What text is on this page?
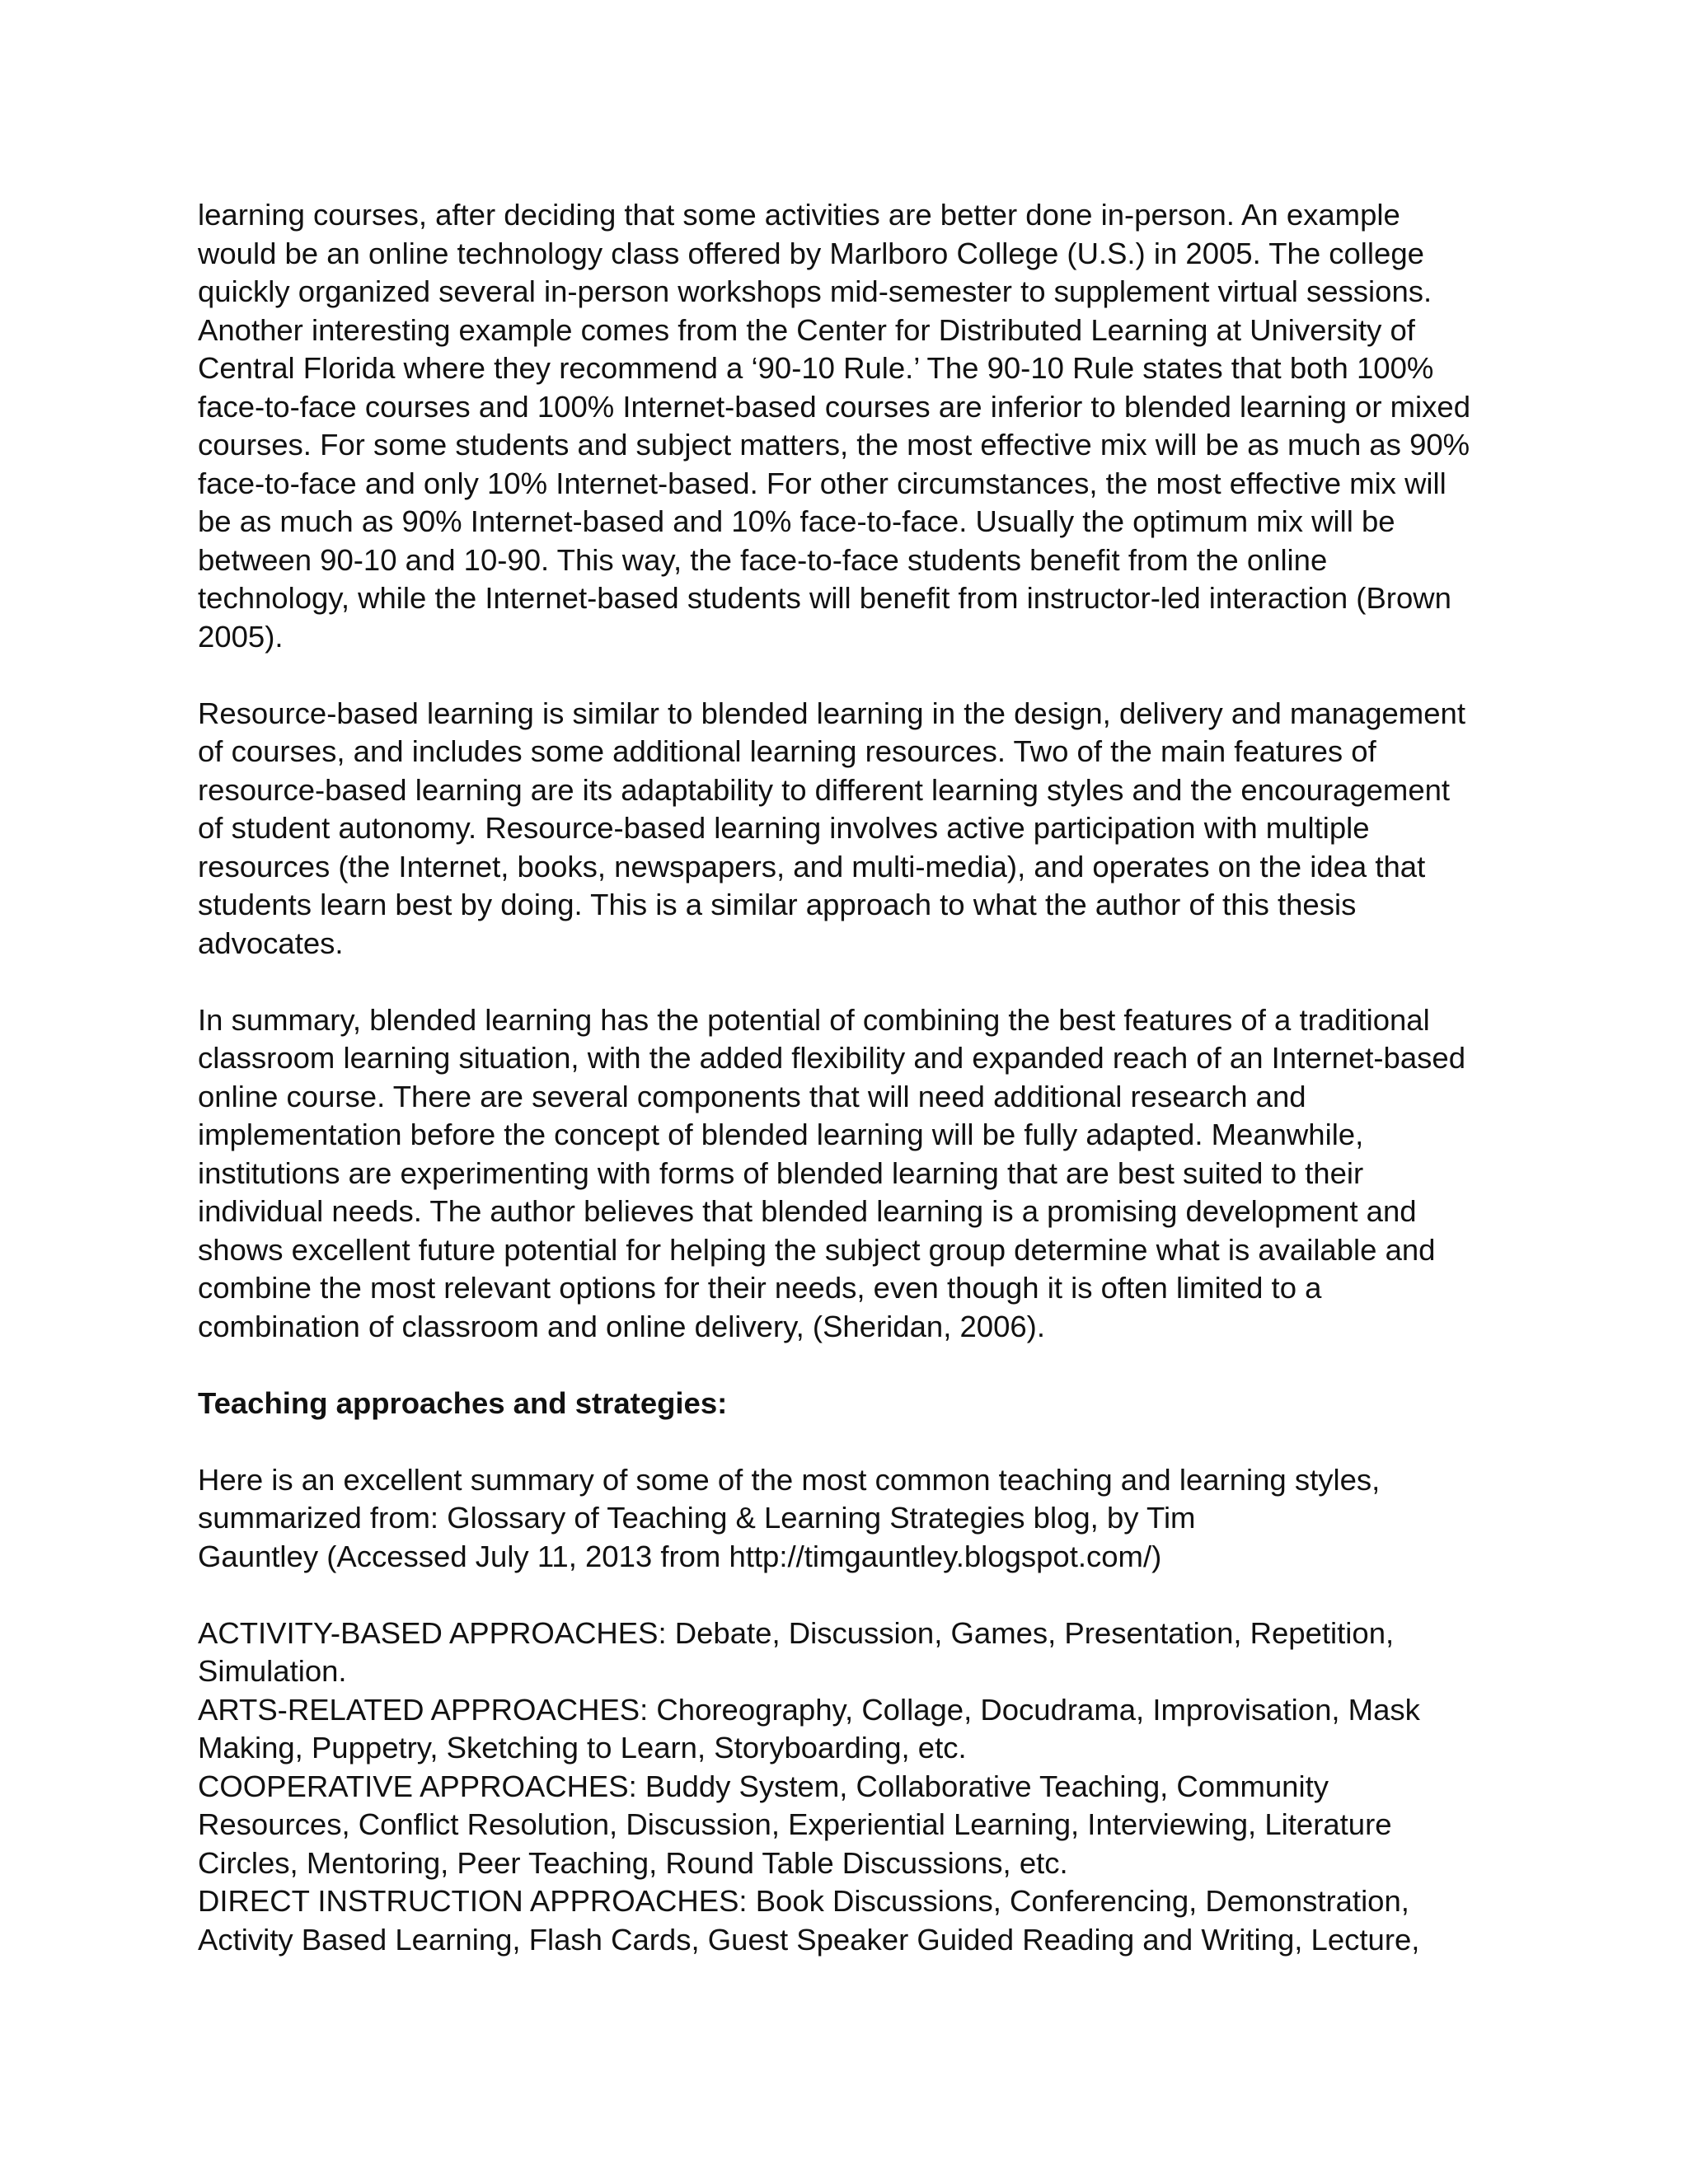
learning courses, after deciding that some activities are better done in-person. An example
would be an online technology class offered by Marlboro College (U.S.) in 2005. The college
quickly organized several in-person workshops mid-semester to supplement virtual sessions.
Another interesting example comes from the Center for Distributed Learning at University of
Central Florida where they recommend a ‘90-10 Rule.’ The 90-10 Rule states that both 100%
face-to-face courses and 100% Internet-based courses are inferior to blended learning or mixed
courses. For some students and subject matters, the most effective mix will be as much as 90%
face-to-face and only 10% Internet-based. For other circumstances, the most effective mix will
be as much as 90% Internet-based and 10% face-to-face. Usually the optimum mix will be
between 90-10 and 10-90. This way, the face-to-face students benefit from the online
technology, while the Internet-based students will benefit from instructor-led interaction (Brown
2005).

Resource-based learning is similar to blended learning in the design, delivery and management
of courses, and includes some additional learning resources. Two of the main features of
resource-based learning are its adaptability to different learning styles and the encouragement
of student autonomy. Resource-based learning involves active participation with multiple
resources (the Internet, books, newspapers, and multi-media), and operates on the idea that
students learn best by doing. This is a similar approach to what the author of this thesis
advocates.

In summary, blended learning has the potential of combining the best features of a traditional
classroom learning situation, with the added flexibility and expanded reach of an Internet-based
online course. There are several components that will need additional research and
implementation before the concept of blended learning will be fully adapted. Meanwhile,
institutions are experimenting with forms of blended learning that are best suited to their
individual needs. The author believes that blended learning is a promising development and
shows excellent future potential for helping the subject group determine what is available and
combine the most relevant options for their needs, even though it is often limited to a
combination of classroom and online delivery, (Sheridan, 2006).

Teaching approaches and strategies:

Here is an excellent summary of some of the most common teaching and learning styles,
summarized from: Glossary of Teaching & Learning Strategies blog, by Tim
Gauntley (Accessed July 11, 2013 from http://timgauntley.blogspot.com/)

ACTIVITY-BASED APPROACHES: Debate, Discussion, Games, Presentation, Repetition,
Simulation.
ARTS-RELATED APPROACHES: Choreography, Collage, Docudrama, Improvisation, Mask
Making, Puppetry, Sketching to Learn, Storyboarding, etc.
COOPERATIVE APPROACHES: Buddy System, Collaborative Teaching, Community
Resources, Conflict Resolution, Discussion, Experiential Learning, Interviewing, Literature
Circles, Mentoring, Peer Teaching, Round Table Discussions, etc.
DIRECT INSTRUCTION APPROACHES: Book Discussions, Conferencing, Demonstration,
Activity Based Learning, Flash Cards, Guest Speaker Guided Reading and Writing, Lecture,
